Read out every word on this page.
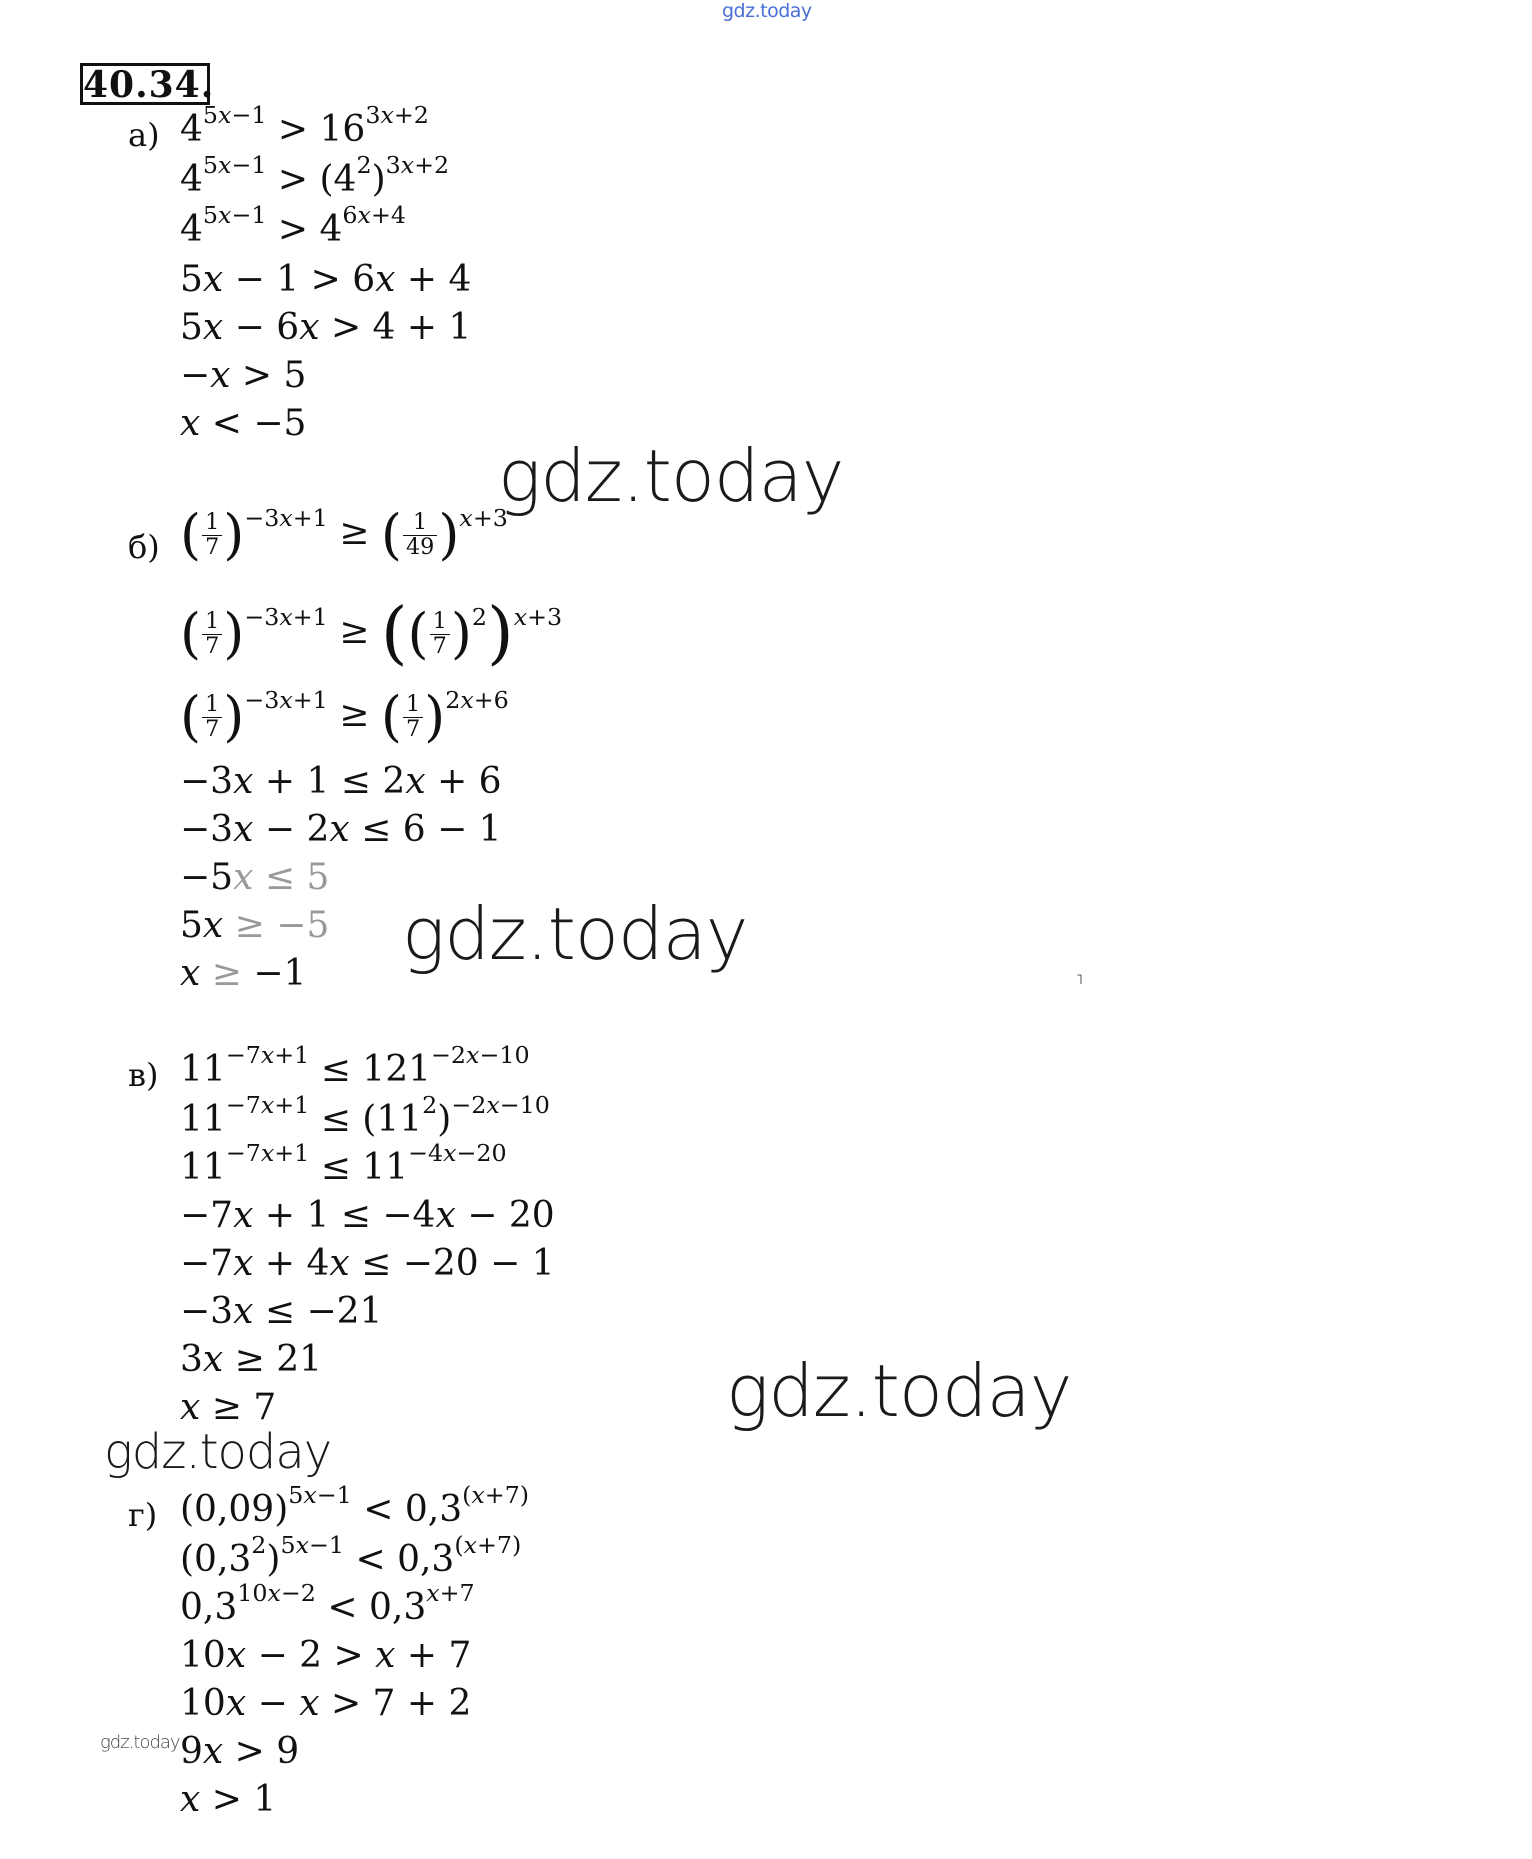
gdz.today
40.34.
а) $4^{5x-1} > 16^{3x+2}$
$4^{5x-1} > (4^2)^{3x+2}$
$4^{5x-1} > 4^{6x+4}$
5x − 1 > 6x + 4
5x − 6x > 4 + 1
−x > 5
x < −5
gdz.today
б) ( $\frac{1}{7} )^{-3x+1}$ ≥ ( $\frac{1}{49} )^{x+3}$
( $\frac{1}{7} )^{-3x+1}$ ≥ (( $\frac{1}{7} )^2)^{x+3}$
( $\frac{1}{7} )^{-3x+1}$ ≥ ( $\frac{1}{7} )^{2x+6}$
−3x + 1 ≤ 2x + 6
−3x − 2x ≤ 6 − 1
−5x ≤ 5
5x ≥ −5
x ≥ −1 gdz.today
˥
в) $11^{-7x+1} \le 121^{-2x-10}$
$11^{-7x+1} \le (11^2)^{-2x-10}$
$11^{-7x+1} \le 11^{-4x-20}$
−7x + 1 ≤ −4x − 20
−7x + 4x ≤ −20 − 1
−3x ≤ −21
3x ≥ 21
x ≥ 7	gdz.today
gdz.today
г) $(0,09)^{5x-1} < 0,3^{(x+7)}$
$(0,3^2)^{5x-1} < 0,3^{(x+7)}$
$0,3^{10x-2} < 0,3^{x+7}$
10x − 2 > x + 7
10x − x > 7 + 2
9x > 9
x > 1
gdz.today
